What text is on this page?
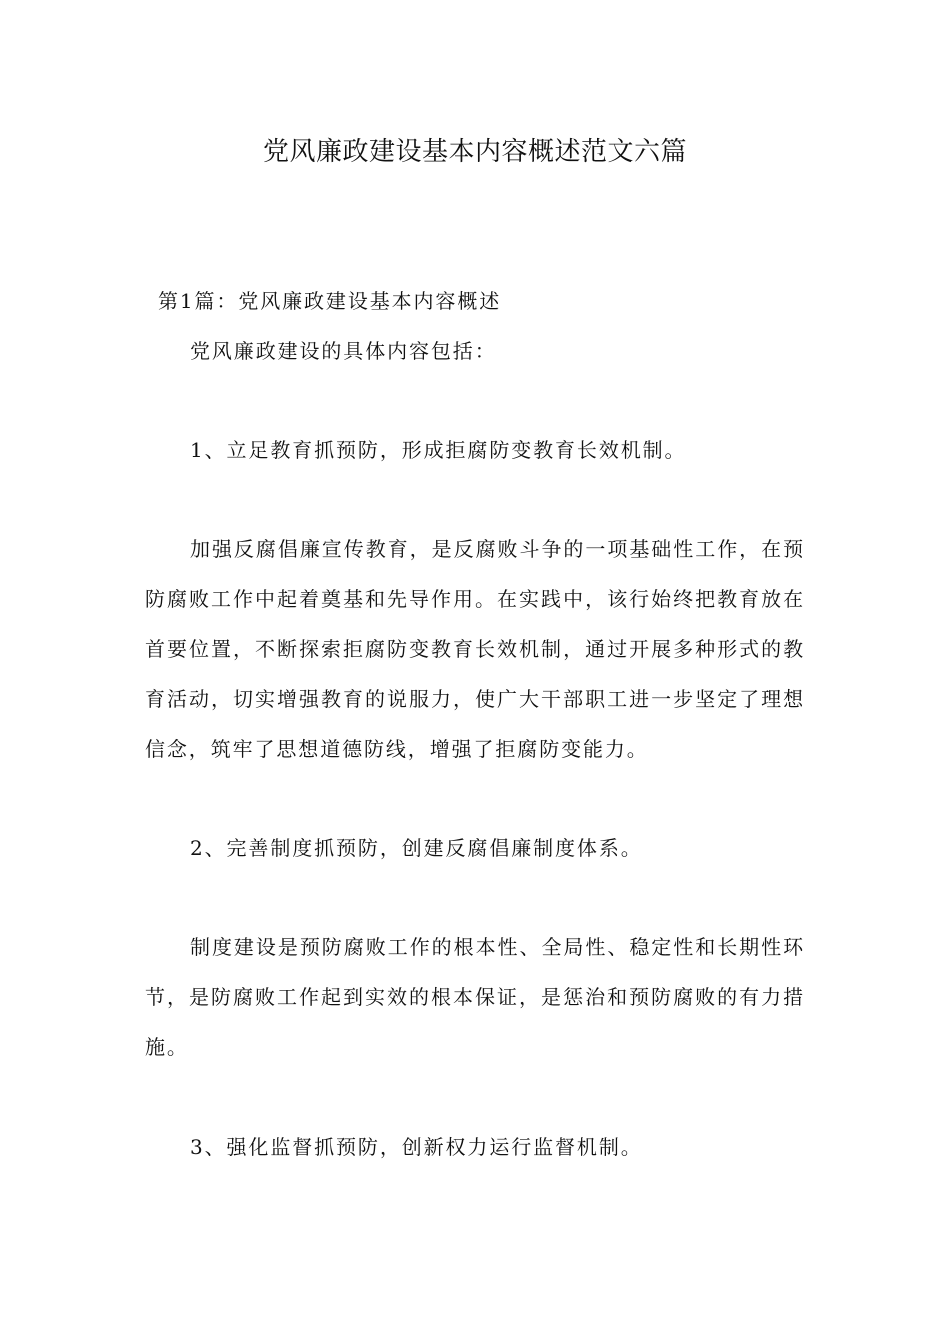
党风廉政建设基本内容概述范文六篇

第1篇：党风廉政建设基本内容概述

党风廉政建设的具体内容包括：

1、立足教育抓预防，形成拒腐防变教育长效机制。

加强反腐倡廉宣传教育，是反腐败斗争的一项基础性工作，在预防腐败工作中起着奠基和先导作用。在实践中，该行始终把教育放在首要位置，不断探索拒腐防变教育长效机制，通过开展多种形式的教育活动，切实增强教育的说服力，使广大干部职工进一步坚定了理想信念，筑牢了思想道德防线，增强了拒腐防变能力。

2、完善制度抓预防，创建反腐倡廉制度体系。

制度建设是预防腐败工作的根本性、全局性、稳定性和长期性环节，是防腐败工作起到实效的根本保证，是惩治和预防腐败的有力措施。

3、强化监督抓预防，创新权力运行监督机制。
